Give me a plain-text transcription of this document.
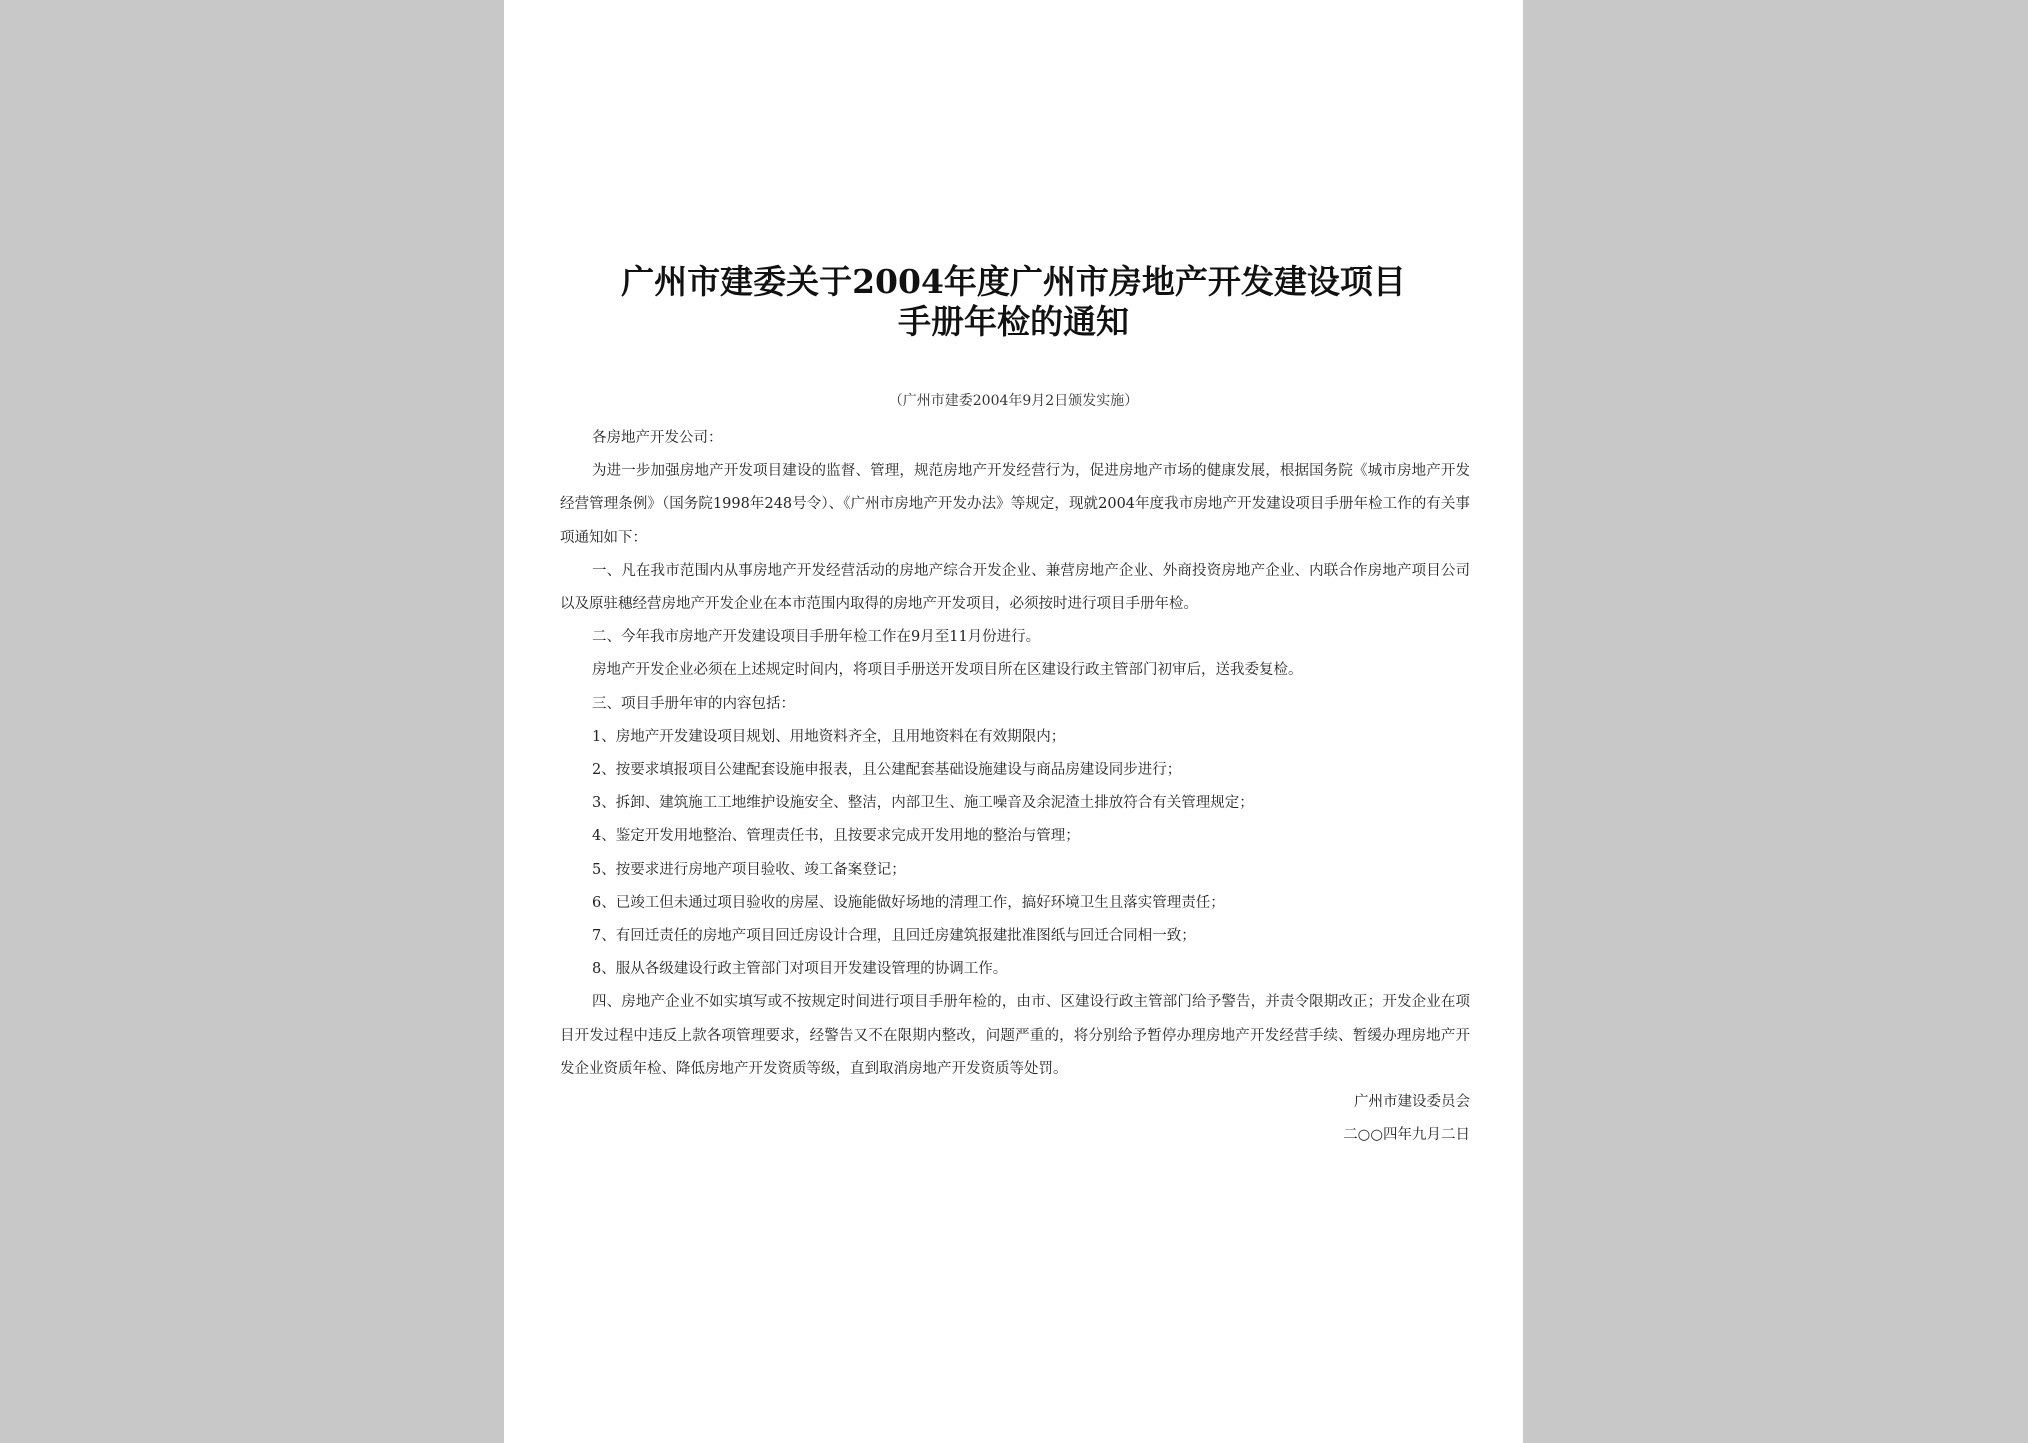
广州市建委关于2004年度广州市房地产开发建设项目
手册年检的通知
（广州市建委2004年9月2日颁发实施）

各房地产开发公司：

为进一步加强房地产开发项目建设的监督、管理，规范房地产开发经营行为，促进房地产市场的健康发展，根据国务院《城市房地产开发经营管理条例》（国务院1998年248号令）、《广州市房地产开发办法》等规定，现就2004年度我市房地产开发建设项目手册年检工作的有关事项通知如下：

一、凡在我市范围内从事房地产开发经营活动的房地产综合开发企业、兼营房地产企业、外商投资房地产企业、内联合作房地产项目公司以及原驻穗经营房地产开发企业在本市范围内取得的房地产开发项目，必须按时进行项目手册年检。

二、今年我市房地产开发建设项目手册年检工作在9月至11月份进行。

房地产开发企业必须在上述规定时间内，将项目手册送开发项目所在区建设行政主管部门初审后，送我委复检。

三、项目手册年审的内容包括：

1、房地产开发建设项目规划、用地资料齐全，且用地资料在有效期限内；

2、按要求填报项目公建配套设施申报表，且公建配套基础设施建设与商品房建设同步进行；

3、拆卸、建筑施工工地维护设施安全、整洁，内部卫生、施工噪音及余泥渣土排放符合有关管理规定；

4、鉴定开发用地整治、管理责任书，且按要求完成开发用地的整治与管理；

5、按要求进行房地产项目验收、竣工备案登记；

6、已竣工但未通过项目验收的房屋、设施能做好场地的清理工作，搞好环境卫生且落实管理责任；

7、有回迁责任的房地产项目回迁房设计合理，且回迁房建筑报建批准图纸与回迁合同相一致；

8、服从各级建设行政主管部门对项目开发建设管理的协调工作。

四、房地产企业不如实填写或不按规定时间进行项目手册年检的，由市、区建设行政主管部门给予警告，并责令限期改正；开发企业在项目开发过程中违反上款各项管理要求，经警告又不在限期内整改，问题严重的，将分别给予暂停办理房地产开发经营手续、暂缓办理房地产开发企业资质年检、降低房地产开发资质等级，直到取消房地产开发资质等处罚。

广州市建设委员会

二○○四年九月二日
